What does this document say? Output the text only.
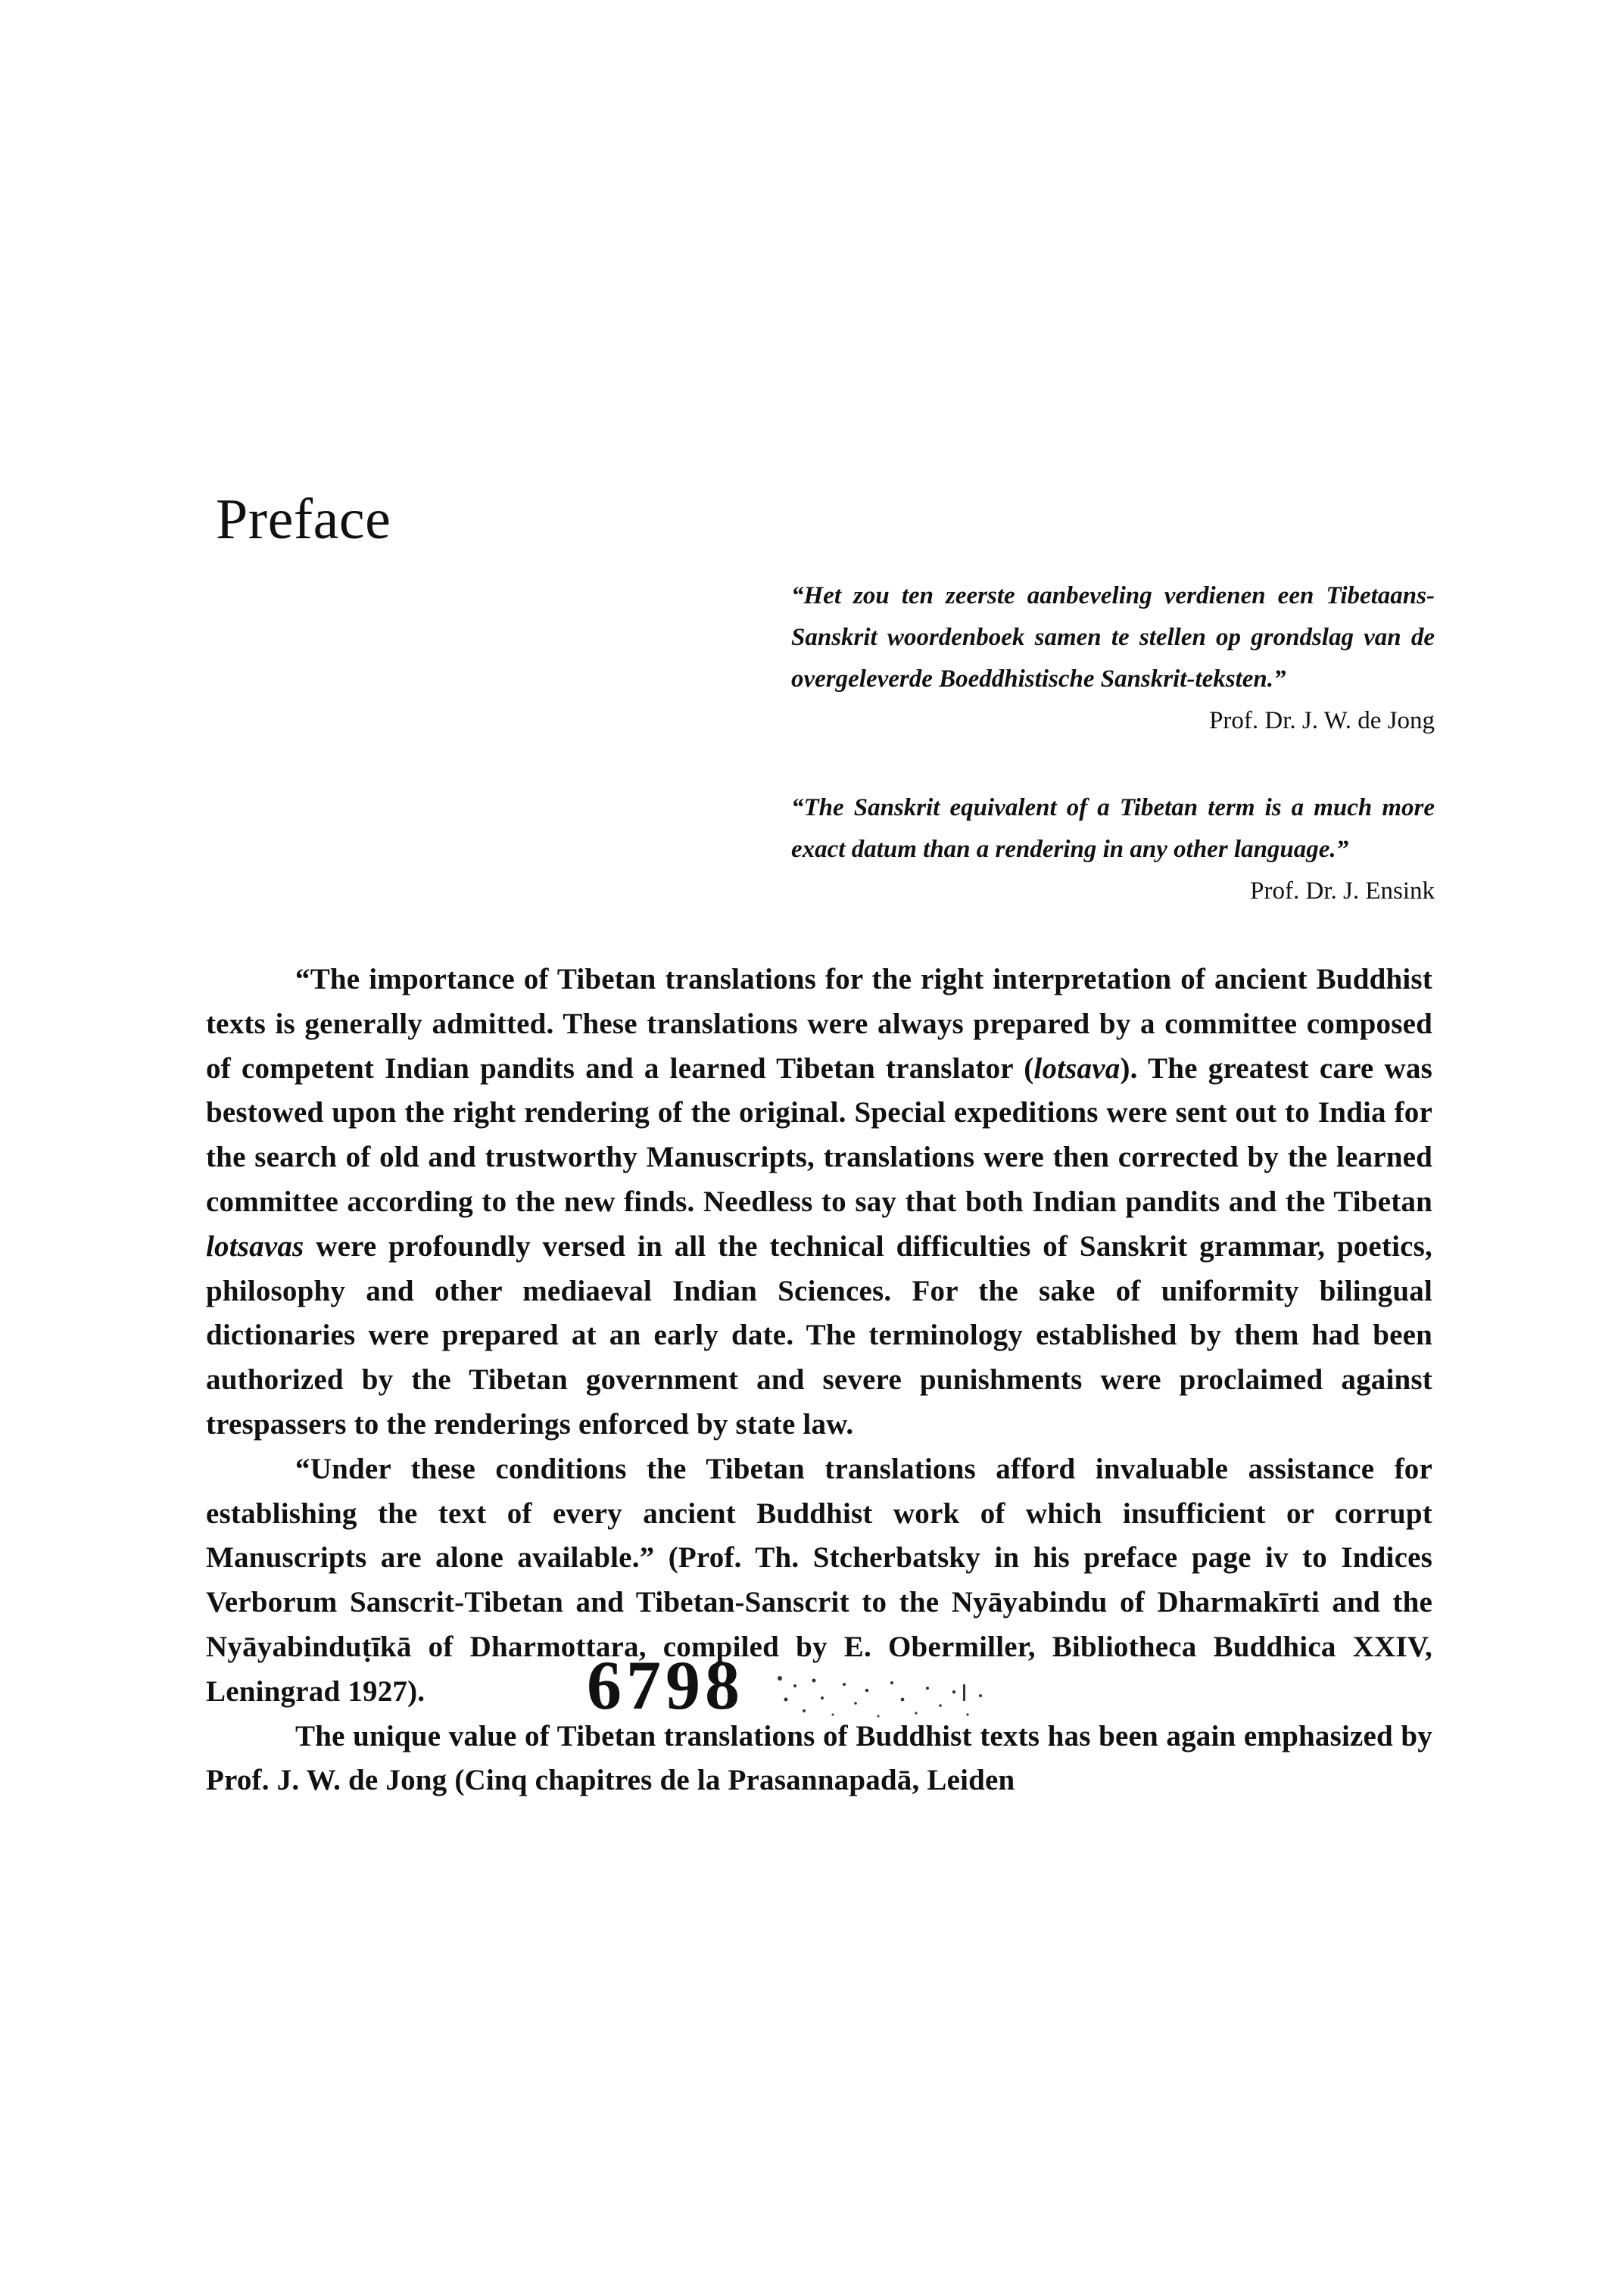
Preface

“Het zou ten zeerste aanbeveling verdienen een Tibetaans-Sanskrit woordenboek samen te stellen op grondslag van de overgeleverde Boeddhistische Sanskrit-teksten.”

Prof. Dr. J. W. de Jong

“The Sanskrit equivalent of a Tibetan term is a much more exact datum than a rendering in any other language.”

Prof. Dr. J. Ensink

“The importance of Tibetan translations for the right interpretation of ancient Buddhist texts is generally admitted. These translations were always prepared by a committee composed of competent Indian pandits and a learned Tibetan translator (lotsava). The greatest care was bestowed upon the right rendering of the original. Special expeditions were sent out to India for the search of old and trustworthy Manuscripts, translations were then corrected by the learned committee according to the new finds. Needless to say that both Indian pandits and the Tibetan lotsavas were profoundly versed in all the technical difficulties of Sanskrit grammar, poetics, philosophy and other mediaeval Indian Sciences. For the sake of uniformity bilingual dictionaries were prepared at an early date. The terminology established by them had been authorized by the Tibetan government and severe punishments were proclaimed against trespassers to the renderings enforced by state law.

“Under these conditions the Tibetan translations afford invaluable assistance for establishing the text of every ancient Buddhist work of which insufficient or corrupt Manuscripts are alone available.” (Prof. Th. Stcherbatsky in his preface page iv to Indices Verborum Sanscrit-Tibetan and Tibetan-Sanscrit to the Nyāyabindu of Dharmakīrti and the Nyāyabinduṭīkā of Dharmottara, compiled by E. Obermiller, Bibliotheca Buddhica XXIV, Leningrad 1927).

The unique value of Tibetan translations of Buddhist texts has been again emphasized by Prof. J. W. de Jong (Cinq chapitres de la Prasannapadā, Leiden

6798
